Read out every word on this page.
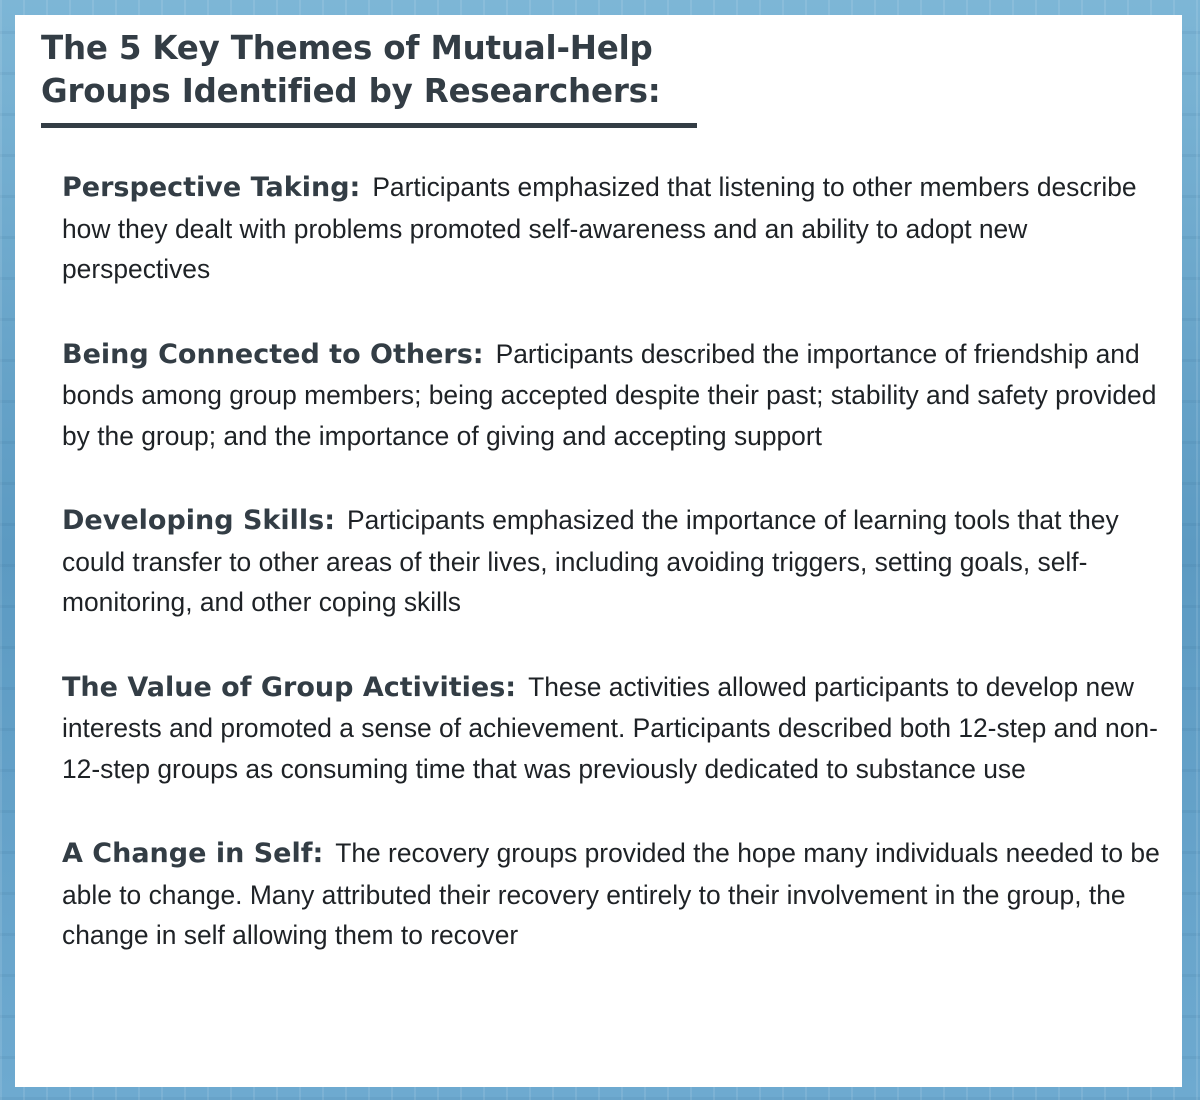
The 5 Key Themes of Mutual-Help
Groups Identified by Researchers:

Perspective Taking: Participants emphasized that listening to other members describe how they dealt with problems promoted self-awareness and an ability to adopt new perspectives

Being Connected to Others: Participants described the importance of friendship and bonds among group members; being accepted despite their past; stability and safety provided by the group; and the importance of giving and accepting support

Developing Skills: Participants emphasized the importance of learning tools that they could transfer to other areas of their lives, including avoiding triggers, setting goals, self-monitoring, and other coping skills

The Value of Group Activities: These activities allowed participants to develop new interests and promoted a sense of achievement. Participants described both 12-step and non-12-step groups as consuming time that was previously dedicated to substance use

A Change in Self: The recovery groups provided the hope many individuals needed to be able to change. Many attributed their recovery entirely to their involvement in the group, the change in self allowing them to recover
